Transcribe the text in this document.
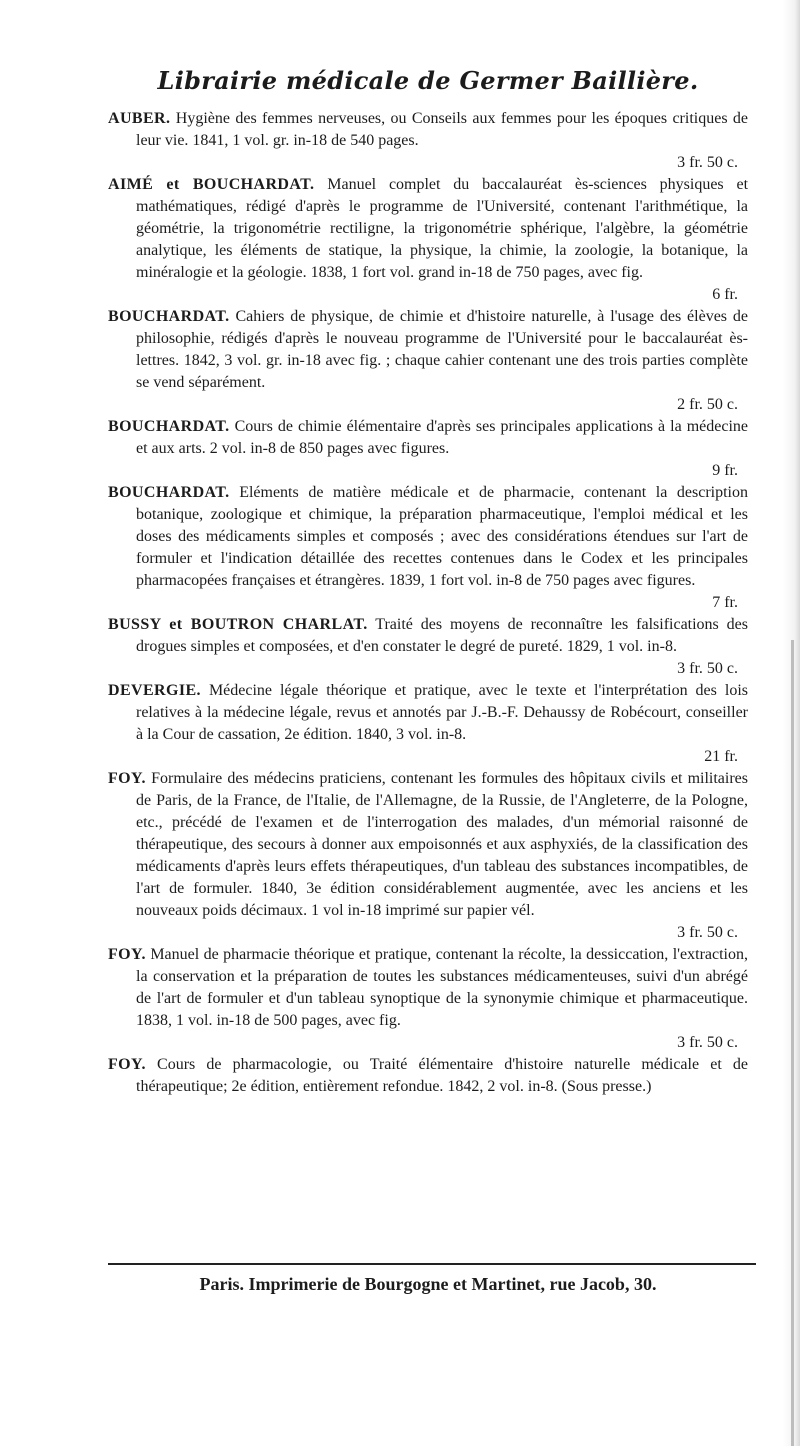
Librairie médicale de Germer Baillière.

AUBER. Hygiène des femmes nerveuses, ou Conseils aux femmes pour les époques critiques de leur vie. 1841, 1 vol. gr. in-18 de 540 pages.

3 fr. 50 c.

AIMÉ et BOUCHARDAT. Manuel complet du baccalauréat ès-sciences physiques et mathématiques, rédigé d'après le programme de l'Université, contenant l'arithmétique, la géométrie, la trigonométrie rectiligne, la trigonométrie sphérique, l'algèbre, la géométrie analytique, les éléments de statique, la physique, la chimie, la zoologie, la botanique, la minéralogie et la géologie. 1838, 1 fort vol. grand in-18 de 750 pages, avec fig.

6 fr.

BOUCHARDAT. Cahiers de physique, de chimie et d'histoire naturelle, à l'usage des élèves de philosophie, rédigés d'après le nouveau programme de l'Université pour le baccalauréat ès-lettres. 1842, 3 vol. gr. in-18 avec fig. ; chaque cahier contenant une des trois parties complète se vend séparément.

2 fr. 50 c.

BOUCHARDAT. Cours de chimie élémentaire d'après ses principales applications à la médecine et aux arts. 2 vol. in-8 de 850 pages avec figures.

9 fr.

BOUCHARDAT. Eléments de matière médicale et de pharmacie, contenant la description botanique, zoologique et chimique, la préparation pharmaceutique, l'emploi médical et les doses des médicaments simples et composés ; avec des considérations étendues sur l'art de formuler et l'indication détaillée des recettes contenues dans le Codex et les principales pharmacopées françaises et étrangères. 1839, 1 fort vol. in-8 de 750 pages avec figures.

7 fr.

BUSSY et BOUTRON CHARLAT. Traité des moyens de reconnaître les falsifications des drogues simples et composées, et d'en constater le degré de pureté. 1829, 1 vol. in-8.

3 fr. 50 c.

DEVERGIE. Médecine légale théorique et pratique, avec le texte et l'interprétation des lois relatives à la médecine légale, revus et annotés par J.-B.-F. Dehaussy de Robécourt, conseiller à la Cour de cassation, 2e édition. 1840, 3 vol. in-8.

21 fr.

FOY. Formulaire des médecins praticiens, contenant les formules des hôpitaux civils et militaires de Paris, de la France, de l'Italie, de l'Allemagne, de la Russie, de l'Angleterre, de la Pologne, etc., précédé de l'examen et de l'interrogation des malades, d'un mémorial raisonné de thérapeutique, des secours à donner aux empoisonnés et aux asphyxiés, de la classification des médicaments d'après leurs effets thérapeutiques, d'un tableau des substances incompatibles, de l'art de formuler. 1840, 3e édition considérablement augmentée, avec les anciens et les nouveaux poids décimaux. 1 vol in-18 imprimé sur papier vél.

3 fr. 50 c.

FOY. Manuel de pharmacie théorique et pratique, contenant la récolte, la dessiccation, l'extraction, la conservation et la préparation de toutes les substances médicamenteuses, suivi d'un abrégé de l'art de formuler et d'un tableau synoptique de la synonymie chimique et pharmaceutique. 1838, 1 vol. in-18 de 500 pages, avec fig.

3 fr. 50 c.

FOY. Cours de pharmacologie, ou Traité élémentaire d'histoire naturelle médicale et de thérapeutique; 2e édition, entièrement refondue. 1842, 2 vol. in-8. (Sous presse.)

Paris. Imprimerie de Bourgogne et Martinet, rue Jacob, 30.
